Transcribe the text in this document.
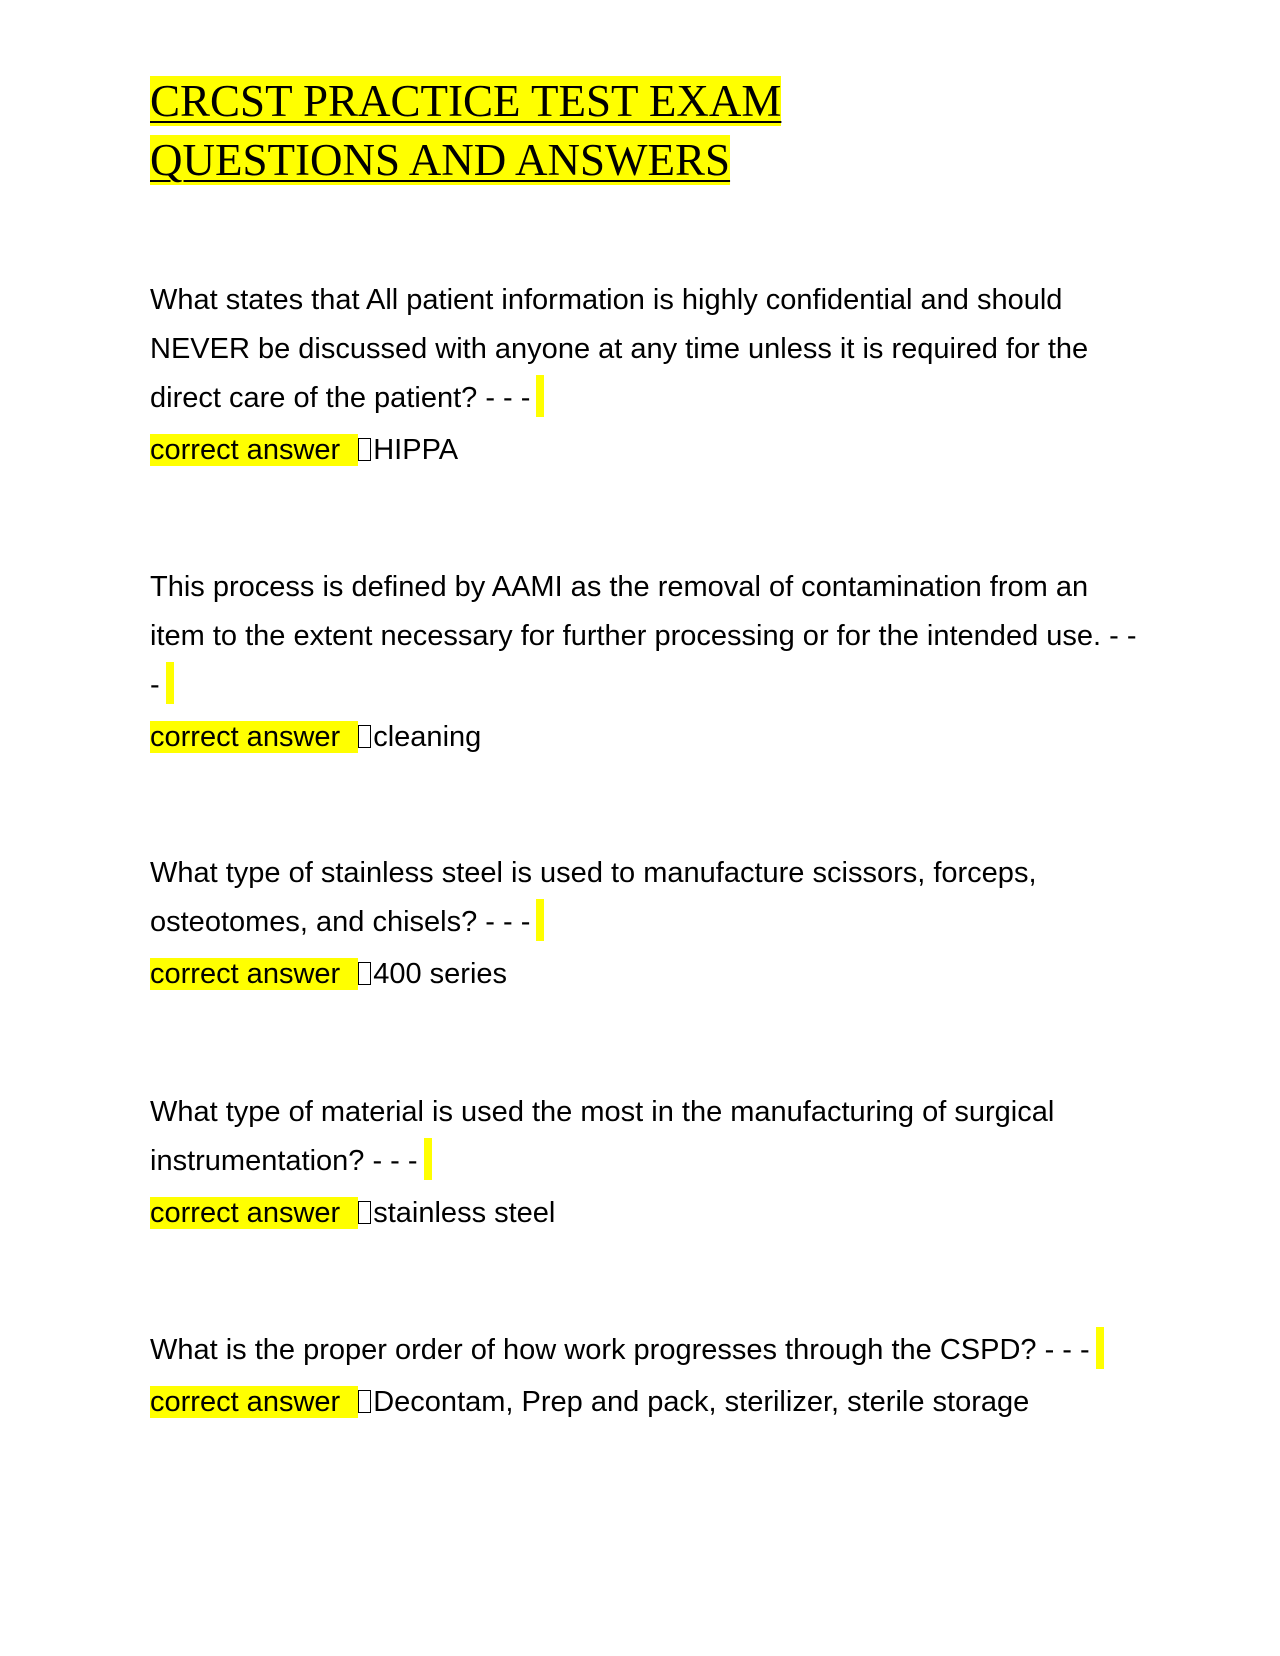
CRCST PRACTICE TEST EXAM
QUESTIONS AND ANSWERS

What states that All patient information is highly confidential and should NEVER be discussed with anyone at any time unless it is required for the direct care of the patient? - - -

correct answer HIPPA

This process is defined by AAMI as the removal of contamination from an item to the extent necessary for further processing or for the intended use. - - -

correct answer cleaning

What type of stainless steel is used to manufacture scissors, forceps, osteotomes, and chisels? - - -

correct answer 400 series

What type of material is used the most in the manufacturing of surgical instrumentation? - - -

correct answer stainless steel

What is the proper order of how work progresses through the CSPD? - - -

correct answer Decontam, Prep and pack, sterilizer, sterile storage
